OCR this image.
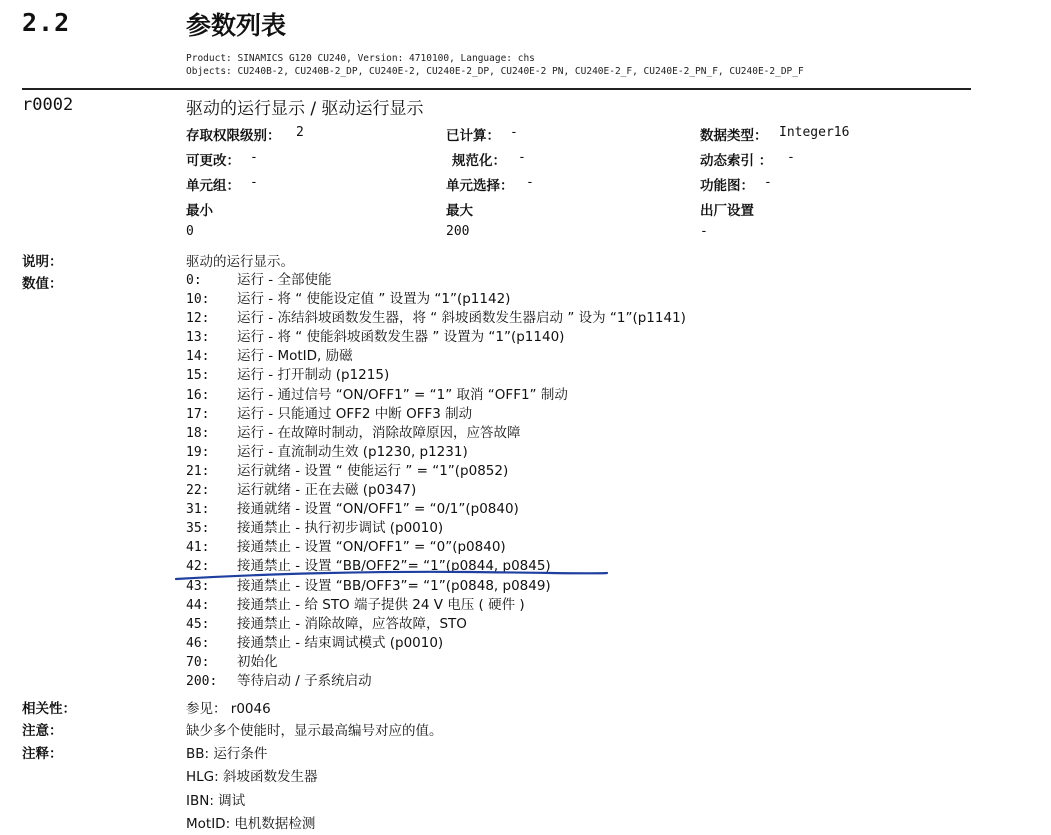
2.2	参数列表
Product: SINAMICS G120 CU240, Version: 4710100, Language: chs
Objects: CU240B-2, CU240B-2_DP, CU240E-2, CU240E-2_DP, CU240E-2 PN, CU240E-2_F, CU240E-2_PN_F, CU240E-2_DP_F
r0002	驱动的运行显示 / 驱动运行显示
存取权限级别： 2	已计算： -	数据类型： Integer16
可更改： -	规范化： -	动态索引 ： -
单元组： -	单元选择： -	功能图： -
最小	最大	出厂设置
0	200	-
说明：	驱动的运行显示。
数值：	0:	运行 - 全部使能
10: 运行 - 将 “ 使能设定值 ” 设置为 “1”(p1142)
12: 运行 - 冻结斜坡函数发生器，将 “ 斜坡函数发生器启动 ” 设为 “1”(p1141)
13: 运行 - 将 “ 使能斜坡函数发生器 ” 设置为 “1”(p1140)
14: 运行 - MotID, 励磁
15: 运行 - 打开制动 (p1215)
16: 运行 - 通过信号 “ON/OFF1” = “1” 取消 “OFF1” 制动
17: 运行 - 只能通过 OFF2 中断 OFF3 制动
18: 运行 - 在故障时制动，消除故障原因，应答故障
19: 运行 - 直流制动生效 (p1230, p1231)
21: 运行就绪 - 设置 “ 使能运行 ” = “1”(p0852)
22: 运行就绪 - 正在去磁 (p0347)
31: 接通就绪 - 设置 “ON/OFF1” = “0/1”(p0840)
35: 接通禁止 - 执行初步调试 (p0010)
41: 接通禁止 - 设置 “ON/OFF1” = “0”(p0840)
42: 接通禁止 - 设置 “BB/OFF2”= “1”(p0844, p0845)
43: 接通禁止 - 设置 “BB/OFF3”= “1”(p0848, p0849)
44: 接通禁止 - 给 STO 端子提供 24 V 电压 ( 硬件 )
45: 接通禁止 - 消除故障，应答故障，STO
46: 接通禁止 - 结束调试模式 (p0010)
70: 初始化
200: 等待启动 / 子系统启动
相关性：	参见： r0046
注意：	缺少多个使能时，显示最高编号对应的值。
注释：	BB: 运行条件
HLG: 斜坡函数发生器
IBN: 调试
MotID: 电机数据检测
